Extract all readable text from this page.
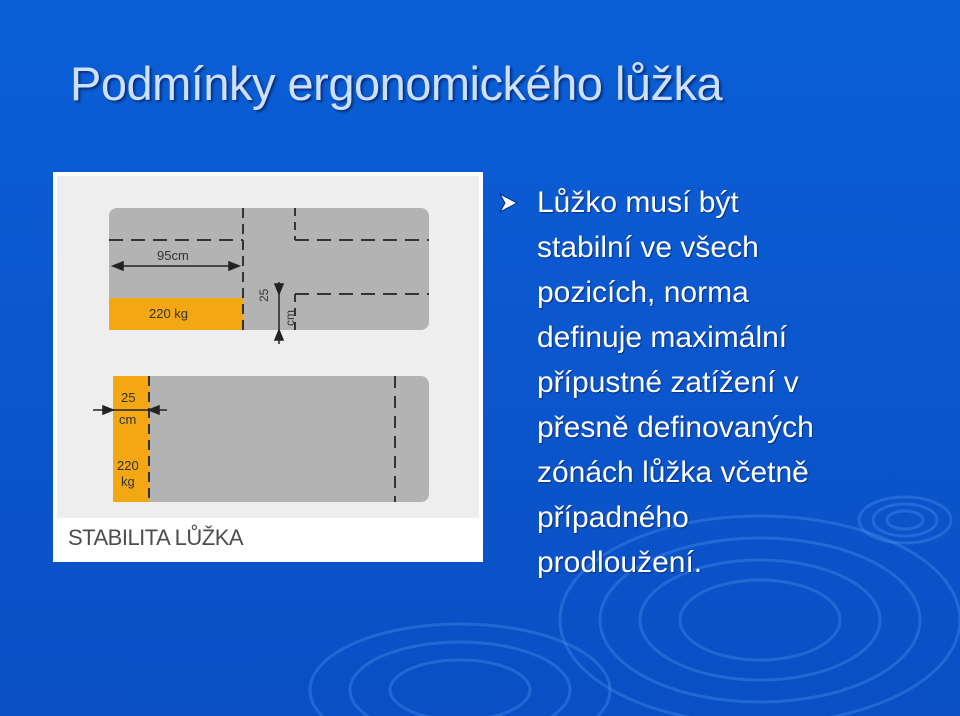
Podmínky ergonomického lůžka
95cm
220 kg
25
cm
25
cm
220
kg

STABILITA LŮŽKA

Lůžko musí být
stabilní ve všech
pozicích, norma
definuje maximální
přípustné zatížení v
přesně definovaných
zónách lůžka včetně
případného
prodloužení.
